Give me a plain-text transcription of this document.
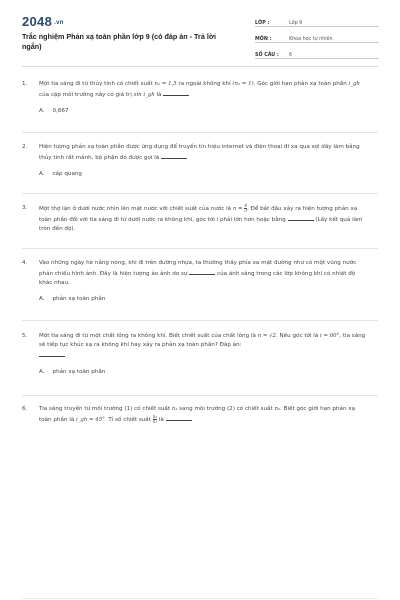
2048 .vn
Trắc nghiệm Phản xạ toàn phần lớp 9 (có đáp án - Trả lời ngắn)
LỚP :	Lớp 9
MÔN :	Khoa học tự nhiên
SỐ CÂU :	6
1.	Một tia sáng đi từ thủy tinh có chiết suất n₁ = 1,5 ra ngoài không khí (n₂ = 1). Góc giới hạn phản xạ toàn phần i_gh của cặp môi trường này có giá trị sin i_gh là
A. 0,667
2.	Hiện tượng phản xạ toàn phần được ứng dụng để truyền tín hiệu internet và điện thoại đi xa qua sợi dây làm bằng thủy tinh rất mảnh, bộ phận đó được gọi là
A. cáp quang
3.	Một thợ lặn ở dưới nước nhìn lên mặt nước với chiết suất của nước là $n = \frac{4}{3}$ . Để bắt đầu xảy ra hiện tượng phản xạ toàn phần đối với tia sáng đi từ dưới nước ra không khí, góc tới i phải lớn hơn hoặc bằng	(Lấy kết quả làm tròn đến độ).
4.	Vào những ngày hè nắng nóng, khi đi trên đường nhựa, ta thường thấy phía xa mặt đường như có một vũng nước phản chiếu hình ảnh. Đây là hiện tượng ảo ảnh do sự	của ánh sáng trong các lớp không khí có nhiệt độ khác nhau.
A. phản xạ toàn phần
5.	Một tia sáng đi từ một chất lỏng ra không khí. Biết chiết suất của chất lỏng là n = √2. Nếu góc tới là i = 60°, tia sáng sẽ tiếp tục khúc xạ ra không khí hay xảy ra phản xạ toàn phần? Đáp án:

A. phản xạ toàn phần
6.	Tia sáng truyền từ môi trường (1) có chiết suất n₁ sang môi trường (2) có chiết suất n₂. Biết góc giới hạn phản xạ toàn phần là i_gh = 45°. Tỉ số chiết suất $\frac{\text{n₂}}{\text{n₁}}$ là
